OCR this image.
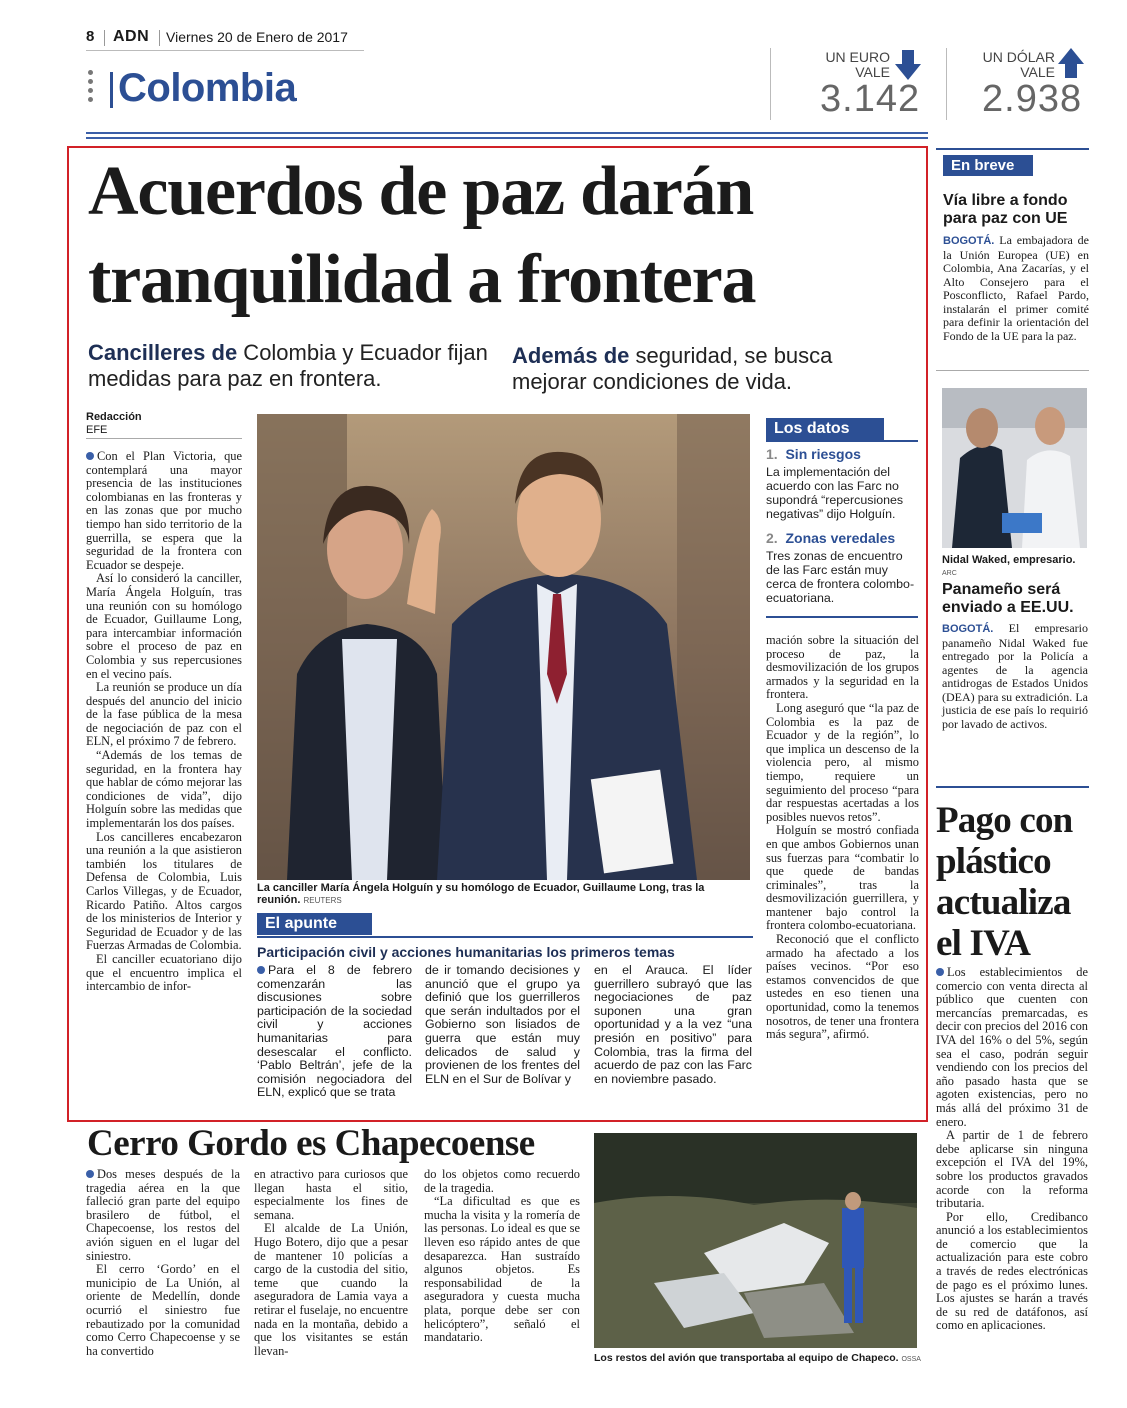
8 ADN Viernes 20 de Enero de 2017
Colombia
UN EURO
VALE
3.142
UN DÓLAR
VALE
2.938
Acuerdos de paz darán
tranquilidad a frontera
Cancilleres de Colombia y Ecuador fijan medidas para paz en frontera.
Además de seguridad, se busca mejorar condiciones de vida.
Redacción
EFE

Con el Plan Victoria, que contemplará una mayor presencia de las instituciones colombianas en las fronteras y en las zonas que por mucho tiempo han sido territorio de la guerrilla, se espera que la seguridad de la frontera con Ecuador se despeje.

Así lo consideró la canciller, María Ángela Holguín, tras una reunión con su homólogo de Ecuador, Guillaume Long, para intercambiar información sobre el proceso de paz en Colombia y sus repercusiones en el vecino país.

La reunión se produce un día después del anuncio del inicio de la fase pública de la mesa de negociación de paz con el ELN, el próximo 7 de febrero.

“Además de los temas de seguridad, en la frontera hay que hablar de cómo mejorar las condiciones de vida”, dijo Holguín sobre las medidas que implementarán los dos países.

Los cancilleres encabezaron una reunión a la que asistieron también los titulares de Defensa de Colombia, Luis Carlos Villegas, y de Ecuador, Ricardo Patiño. Altos cargos de los ministerios de Interior y Seguridad de Ecuador y de las Fuerzas Armadas de Colombia.

El canciller ecuatoriano dijo que el encuentro implica el intercambio de infor-

La canciller María Ángela Holguín y su homólogo de Ecuador, Guillaume Long, tras la reunión. REUTERS
Los datos
1. Sin riesgos
La implementación del acuerdo con las Farc no supondrá “repercusiones negativas” dijo Holguín.
2. Zonas veredales
Tres zonas de encuentro de las Farc están muy cerca de frontera colombo-ecuatoriana.

mación sobre la situación del proceso de paz, la desmovilización de los grupos armados y la seguridad en la frontera.

Long aseguró que “la paz de Colombia es la paz de Ecuador y de la región”, lo que implica un descenso de la violencia pero, al mismo tiempo, requiere un seguimiento del proceso “para dar respuestas acertadas a los posibles nuevos retos”.

Holguín se mostró confiada en que ambos Gobiernos unan sus fuerzas para “combatir lo que quede de bandas criminales”, tras la desmovilización guerrillera, y mantener bajo control la frontera colombo-ecuatoriana.

Reconoció que el conflicto armado ha afectado a los países vecinos. “Por eso estamos convencidos de que ustedes en eso tienen una oportunidad, como la tenemos nosotros, de tener una frontera más segura”, afirmó.

El apunte
Participación civil y acciones humanitarias los primeros temas
Para el 8 de febrero comenzarán las discusiones sobre participación de la sociedad civil y acciones humanitarias para desescalar el conflicto. ‘Pablo Beltrán’, jefe de la comisión negociadora del ELN, explicó que se trata
de ir tomando decisiones y anunció que el grupo ya definió que los guerrilleros que serán indultados por el Gobierno son lisiados de guerra que están muy delicados de salud y provienen de los frentes del ELN en el Sur de Bolívar y
en el Arauca. El líder guerrillero subrayó que las negociaciones de paz suponen una gran oportunidad y a la vez “una presión en positivo” para Colombia, tras la firma del acuerdo de paz con las Farc en noviembre pasado.
En breve
Vía libre a fondo para paz con UE
BOGOTÁ. La embajadora de la Unión Europea (UE) en Colombia, Ana Zacarías, y el Alto Consejero para el Posconflicto, Rafael Pardo, instalarán el primer comité para definir la orientación del Fondo de la UE para la paz.
Nidal Waked, empresario. ARC
Panameño será enviado a EE.UU.
BOGOTÁ. El empresario panameño Nidal Waked fue entregado por la Policía a agentes de la agencia antidrogas de Estados Unidos (DEA) para su extradición. La justicia de ese país lo requirió por lavado de activos.
Pago con plástico actualiza el IVA

Los establecimientos de comercio con venta directa al público que cuenten con mercancías premarcadas, es decir con precios del 2016 con IVA del 16% o del 5%, según sea el caso, podrán seguir vendiendo con los precios del año pasado hasta que se agoten existencias, pero no más allá del próximo 31 de enero.

A partir de 1 de febrero debe aplicarse sin ninguna excepción el IVA del 19%, sobre los productos gravados acorde con la reforma tributaria.

Por ello, Credibanco anunció a los establecimientos de comercio que la actualización para este cobro a través de redes electrónicas de pago es el próximo lunes. Los ajustes se harán a través de su red de datáfonos, así como en aplicaciones.

Cerro Gordo es Chapecoense

Dos meses después de la tragedia aérea en la que falleció gran parte del equipo brasilero de fútbol, el Chapecoense, los restos del avión siguen en el lugar del siniestro.

El cerro ‘Gordo’ en el municipio de La Unión, al oriente de Medellín, donde ocurrió el siniestro fue rebautizado por la comunidad como Cerro Chapecoense y se ha convertido

en atractivo para curiosos que llegan hasta el sitio, especialmente los fines de semana.

El alcalde de La Unión, Hugo Botero, dijo que a pesar de mantener 10 policías a cargo de la custodia del sitio, teme que cuando la aseguradora de Lamia vaya a retirar el fuselaje, no encuentre nada en la montaña, debido a que los visitantes se están llevan-

do los objetos como recuerdo de la tragedia.

“La dificultad es que es mucha la visita y la romería de las personas. Lo ideal es que se lleven eso rápido antes de que desaparezca. Han sustraído algunos objetos. Es responsabilidad de la aseguradora y cuesta mucha plata, porque debe ser con helicóptero”, señaló el mandatario.

Los restos del avión que transportaba al equipo de Chapeco. OSSA
